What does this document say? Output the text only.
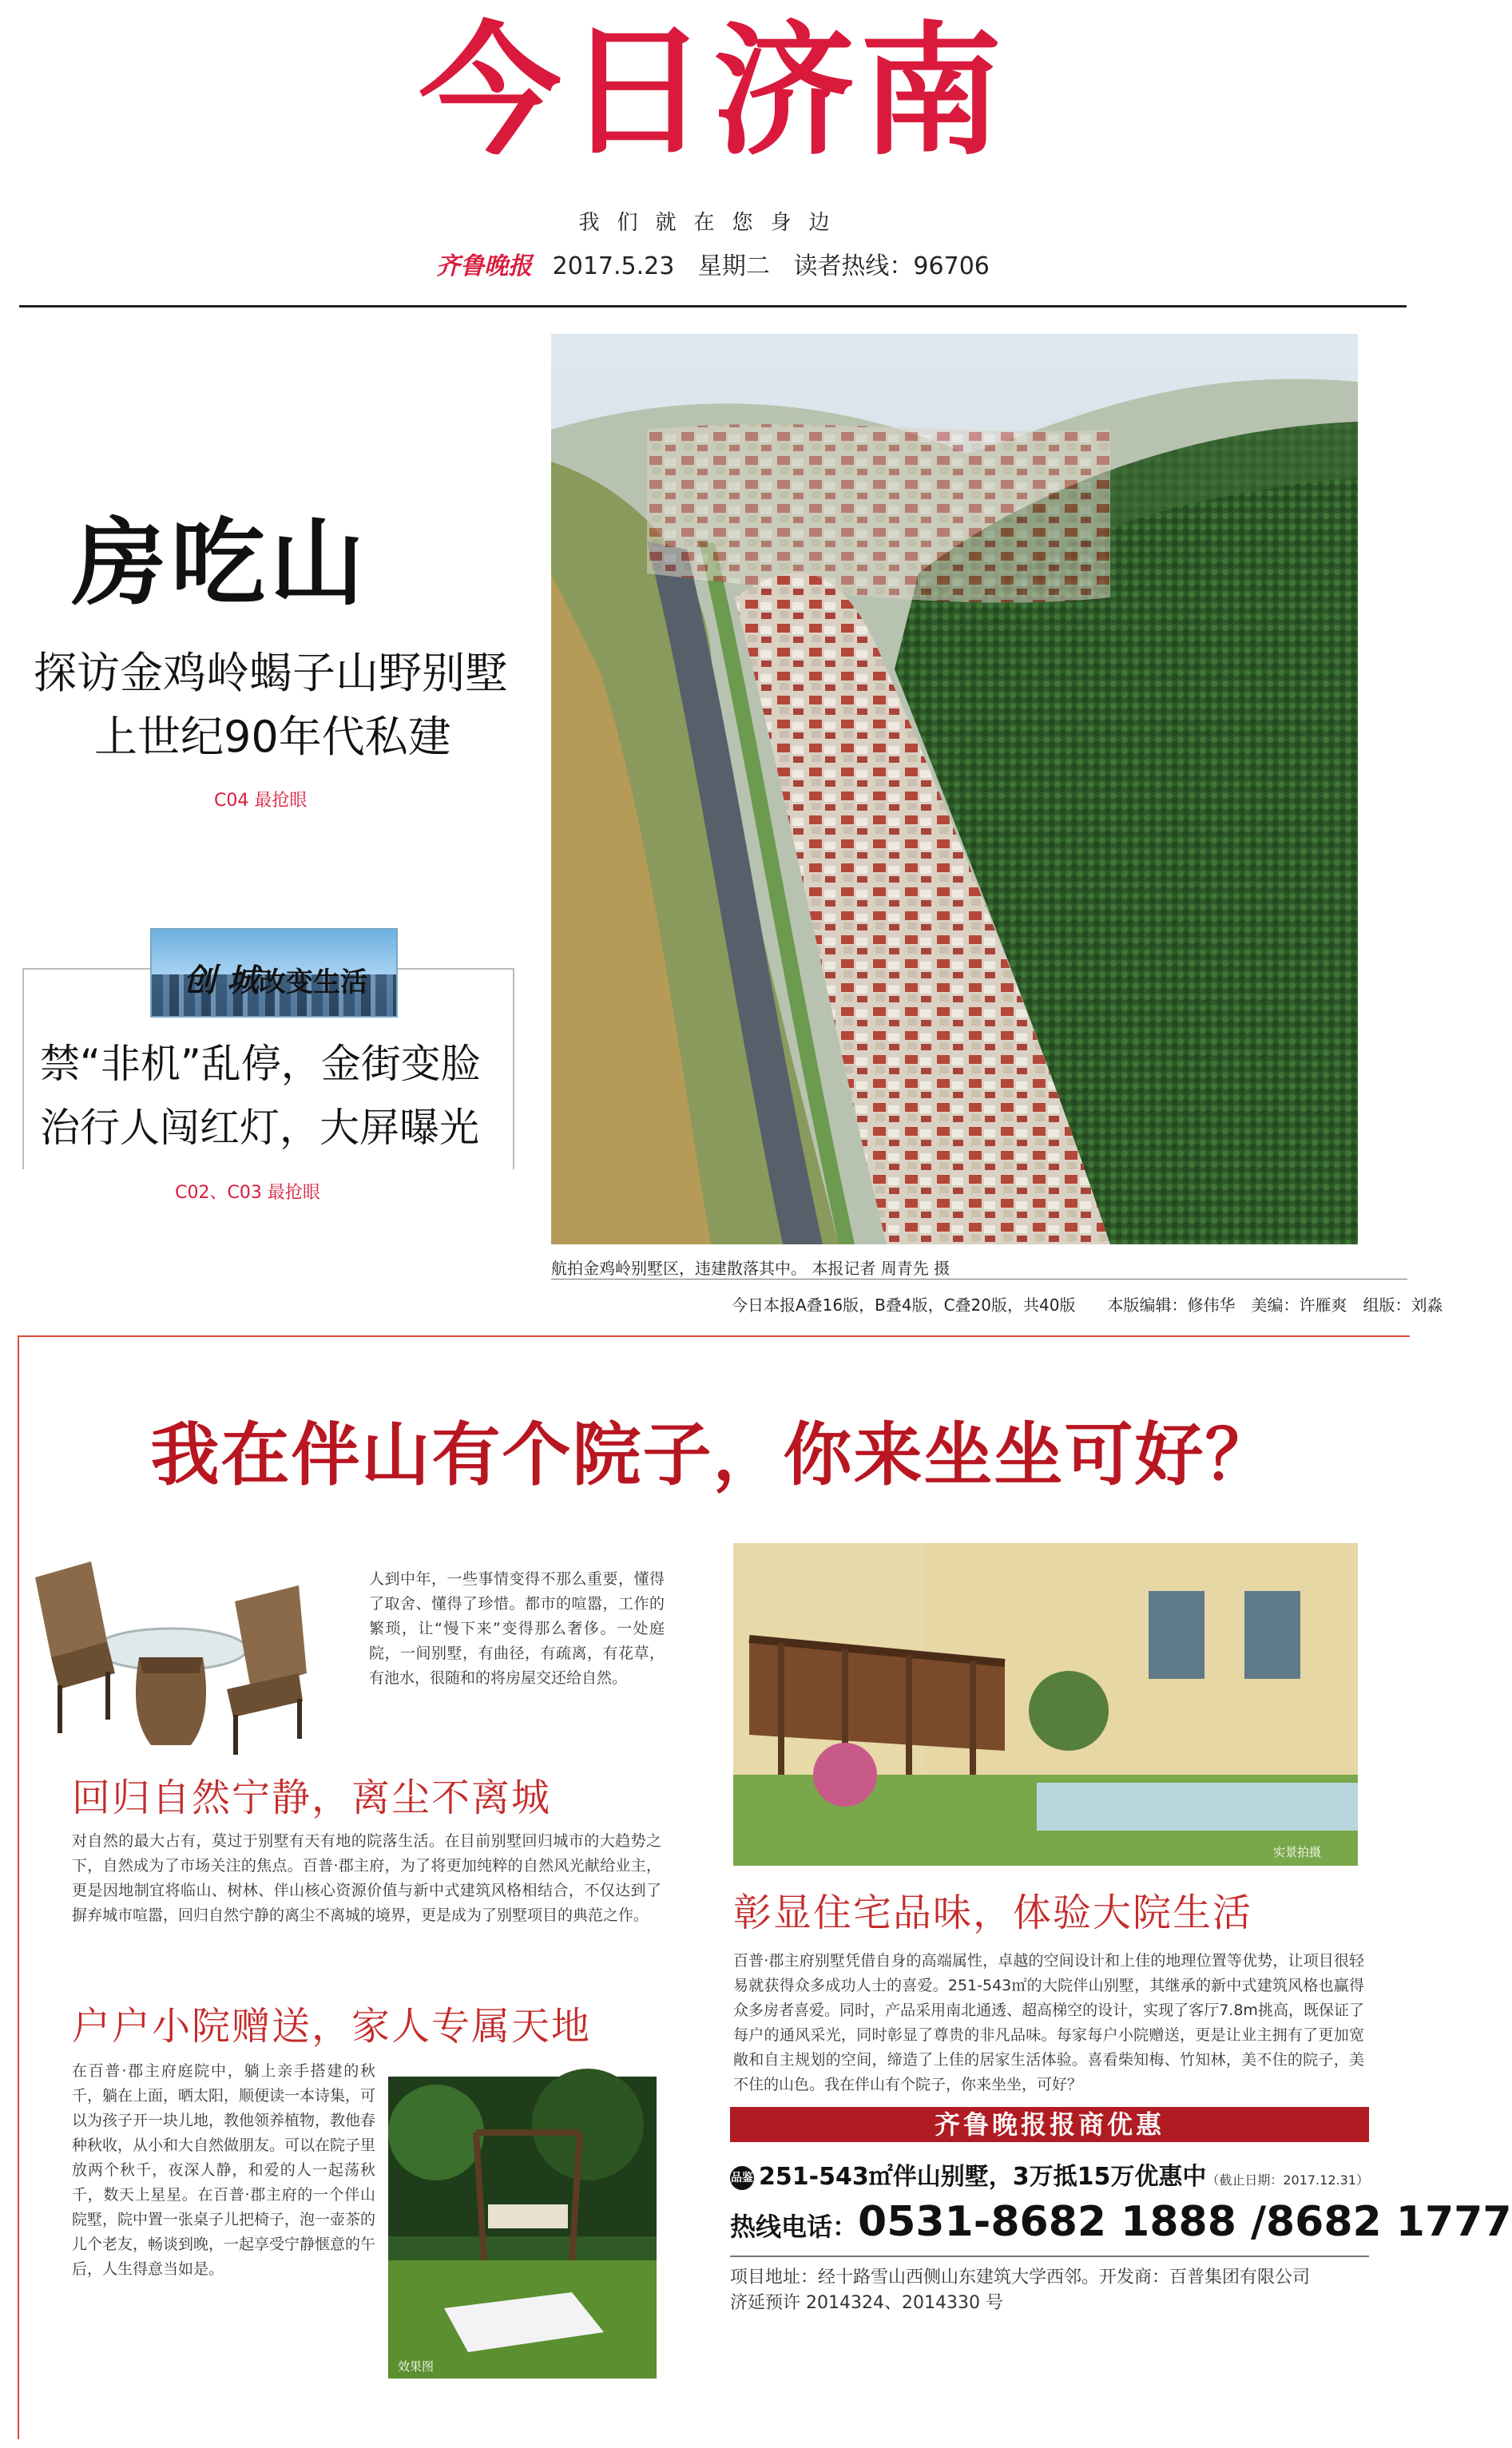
今日济南
我们就在您身边
齐鲁晚报 2017.5.23 星期二 读者热线：96706
房吃山
探访金鸡岭蝎子山野别墅
上世纪90年代私建
C04 最抢眼
创 城改变生活
禁“非机”乱停，金街变脸
治行人闯红灯，大屏曝光
C02、C03 最抢眼
航拍金鸡岭别墅区，违建散落其中。 本报记者 周青先 摄
今日本报A叠16版，B叠4版，C叠20版，共40版　　本版编辑：修伟华　美编：许雁爽　组版：刘淼
我在伴山有个院子，你来坐坐可好？
人到中年，一些事情变得不那么重要，懂得了取舍、懂得了珍惜。都市的喧嚣，工作的繁琐，让“慢下来”变得那么奢侈。一处庭院，一间别墅，有曲径，有疏离，有花草，有池水，很随和的将房屋交还给自然。
回归自然宁静，离尘不离城
对自然的最大占有，莫过于别墅有天有地的院落生活。在目前别墅回归城市的大趋势之下，自然成为了市场关注的焦点。百普·郡主府，为了将更加纯粹的自然风光献给业主，更是因地制宜将临山、树林、伴山核心资源价值与新中式建筑风格相结合，不仅达到了摒弃城市喧嚣，回归自然宁静的离尘不离城的境界，更是成为了别墅项目的典范之作。
户户小院赠送，家人专属天地
在百普·郡主府庭院中，躺上亲手搭建的秋千，躺在上面，晒太阳，顺便读一本诗集，可以为孩子开一块儿地，教他领养植物，教他春种秋收，从小和大自然做朋友。可以在院子里放两个秋千，夜深人静，和爱的人一起荡秋千，数天上星星。在百普·郡主府的一个伴山院墅，院中置一张桌子儿把椅子，泡一壶茶的儿个老友，畅谈到晚，一起享受宁静惬意的午后，人生得意当如是。
效果图
实景拍摄
彰显住宅品味，体验大院生活
百普·郡主府别墅凭借自身的高端属性，卓越的空间设计和上佳的地理位置等优势，让项目很轻易就获得众多成功人士的喜爱。251-543㎡的大院伴山别墅，其继承的新中式建筑风格也赢得众多房者喜爱。同时，产品采用南北通透、超高梯空的设计，实现了客厅7.8m挑高，既保证了每户的通风采光，同时彰显了尊贵的非凡品味。每家每户小院赠送，更是让业主拥有了更加宽敞和自主规划的空间，缔造了上佳的居家生活体验。喜看柴知梅、竹知林，美不住的院子，美不住的山色。我在伴山有个院子，你来坐坐，可好？
齐鲁晚报报商优惠
品鉴 251-543㎡伴山别墅，3万抵15万优惠中（截止日期：2017.12.31）
热线电话：0531-8682 1888 /8682 1777
项目地址：经十路雪山西侧山东建筑大学西邻。开发商：百普集团有限公司
济延预许 2014324、2014330 号
